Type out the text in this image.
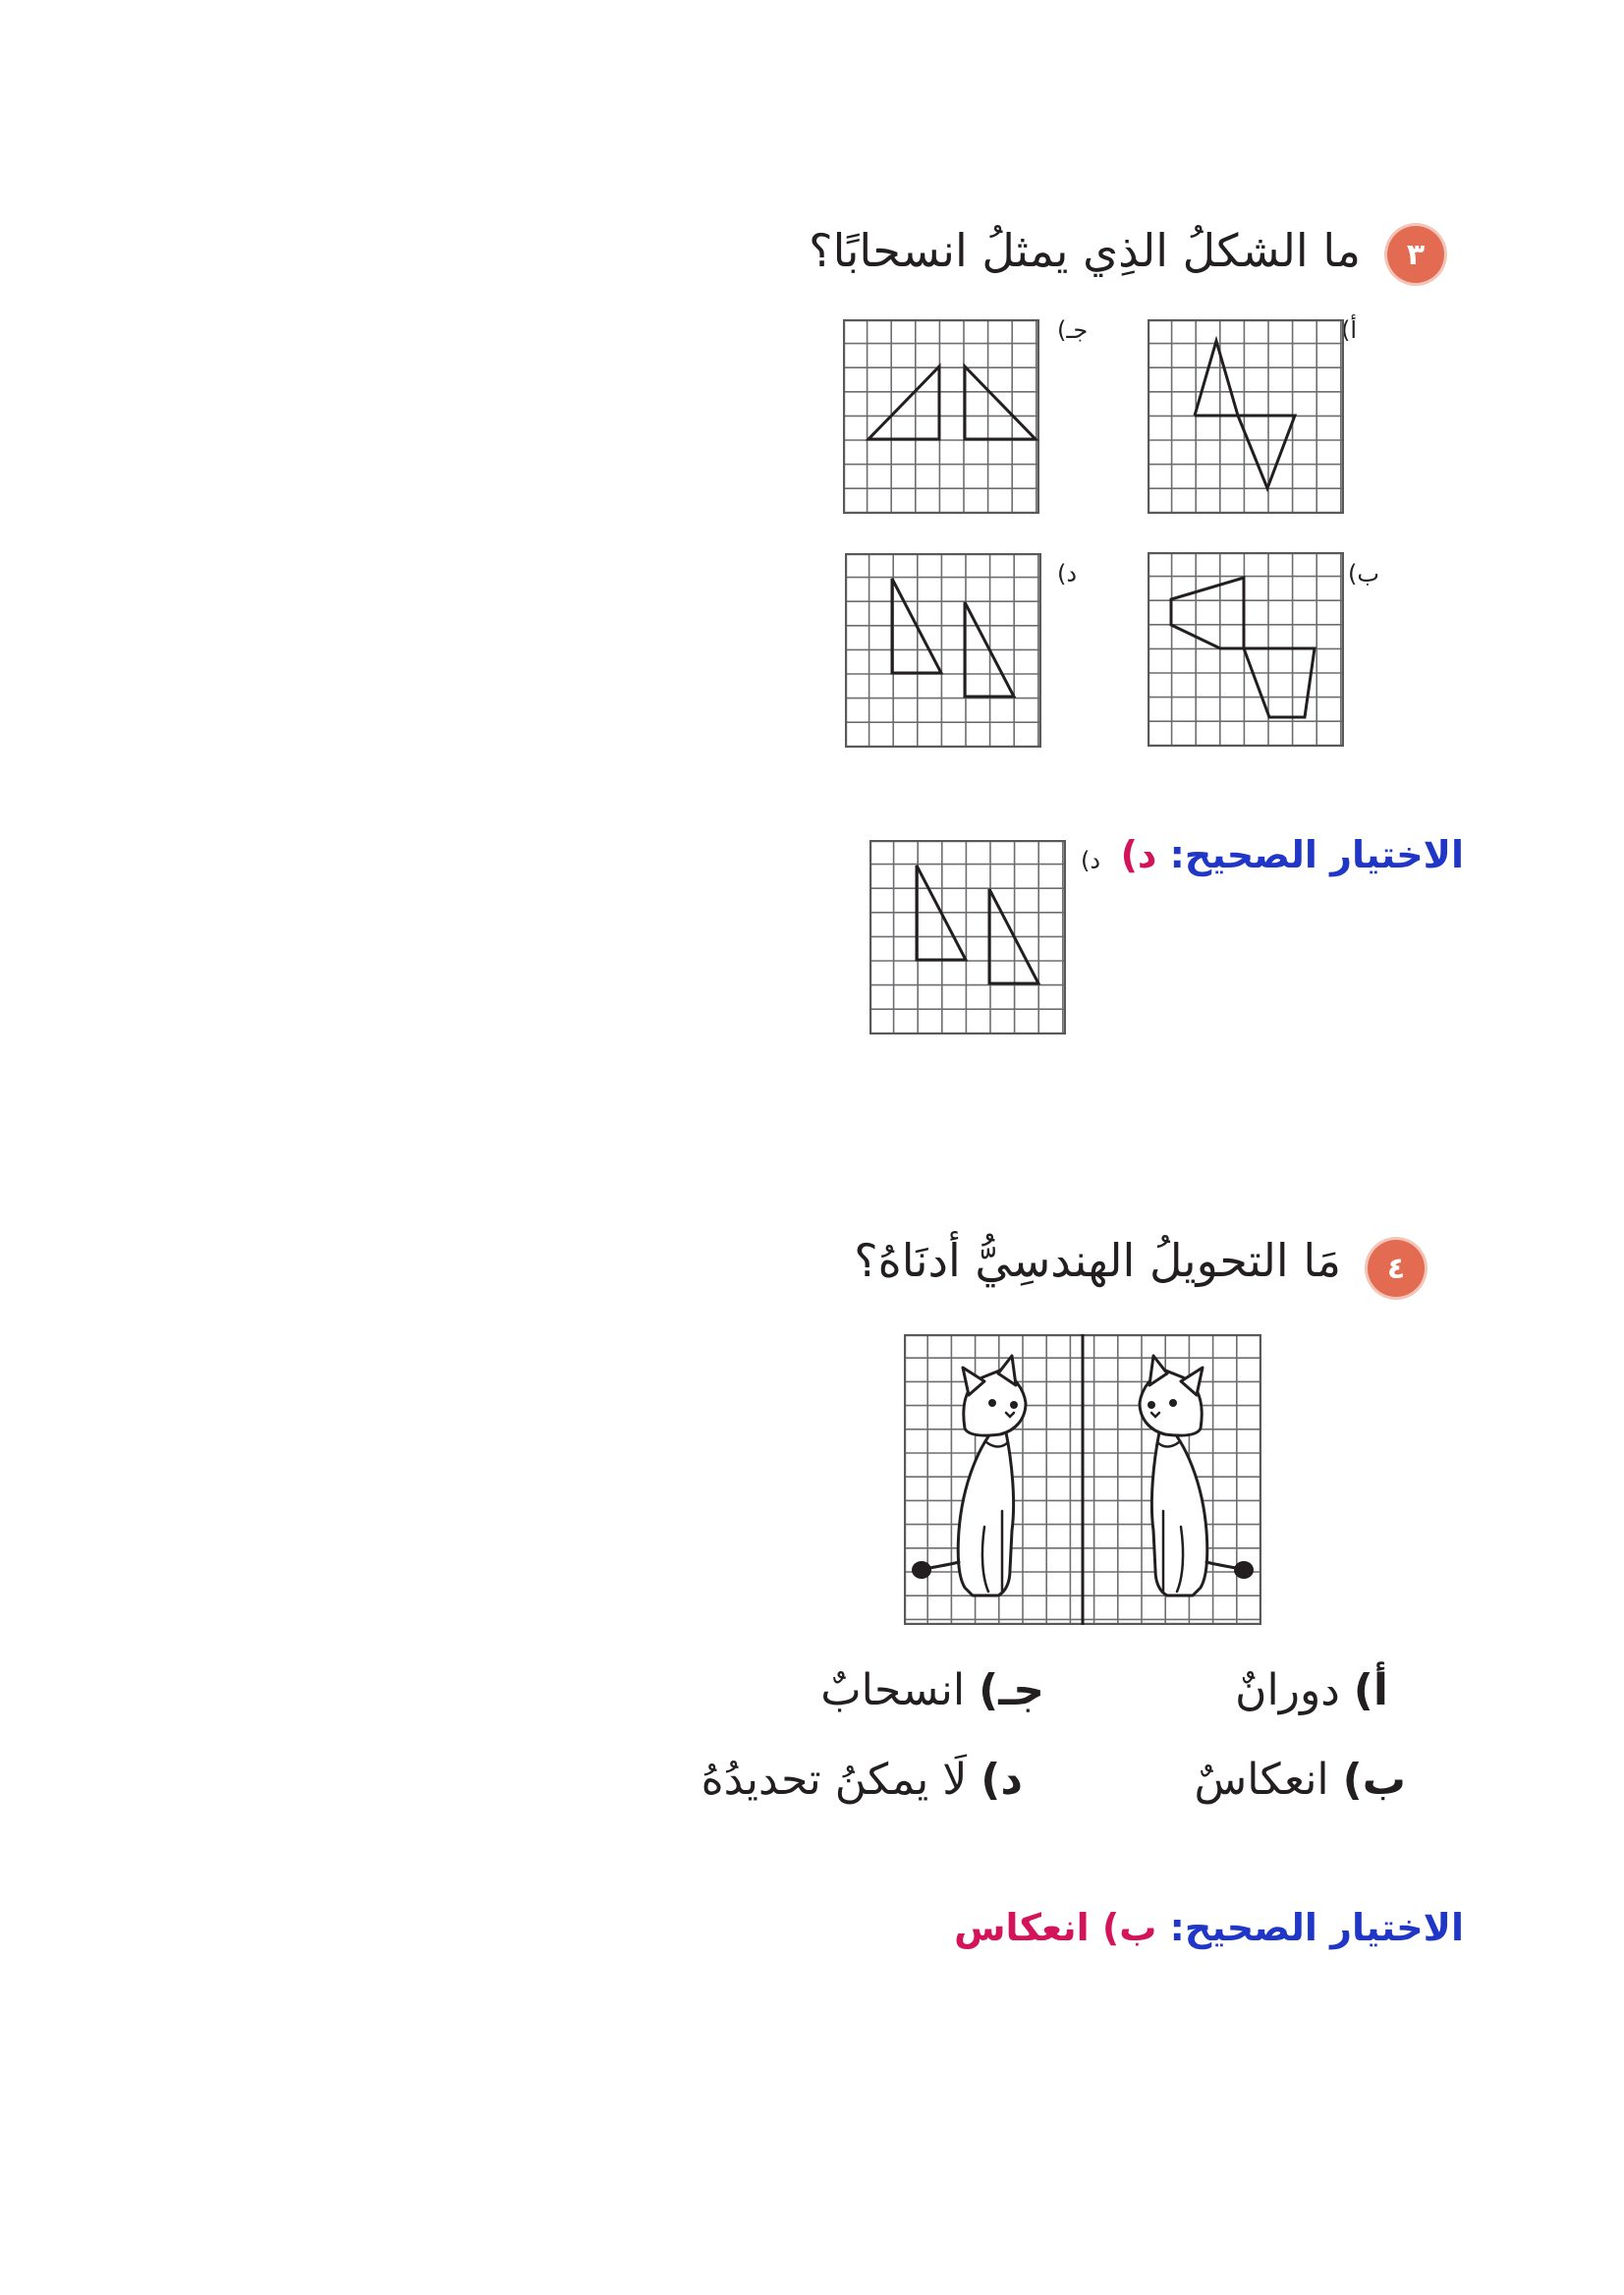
٣
ما الشكلُ الذِي يمثلُ انسحابًا؟
أ)
جـ)
ب)
د)
الاختيار الصحيح: د)
د)
٤
مَا التحويلُ الهندسِيُّ أدنَاهُ؟
أ) دورانٌ
جـ) انسحابٌ
ب) انعكاسٌ
د) لَا يمكنُ تحديدُهُ
الاختيار الصحيح: ب) انعكاس
